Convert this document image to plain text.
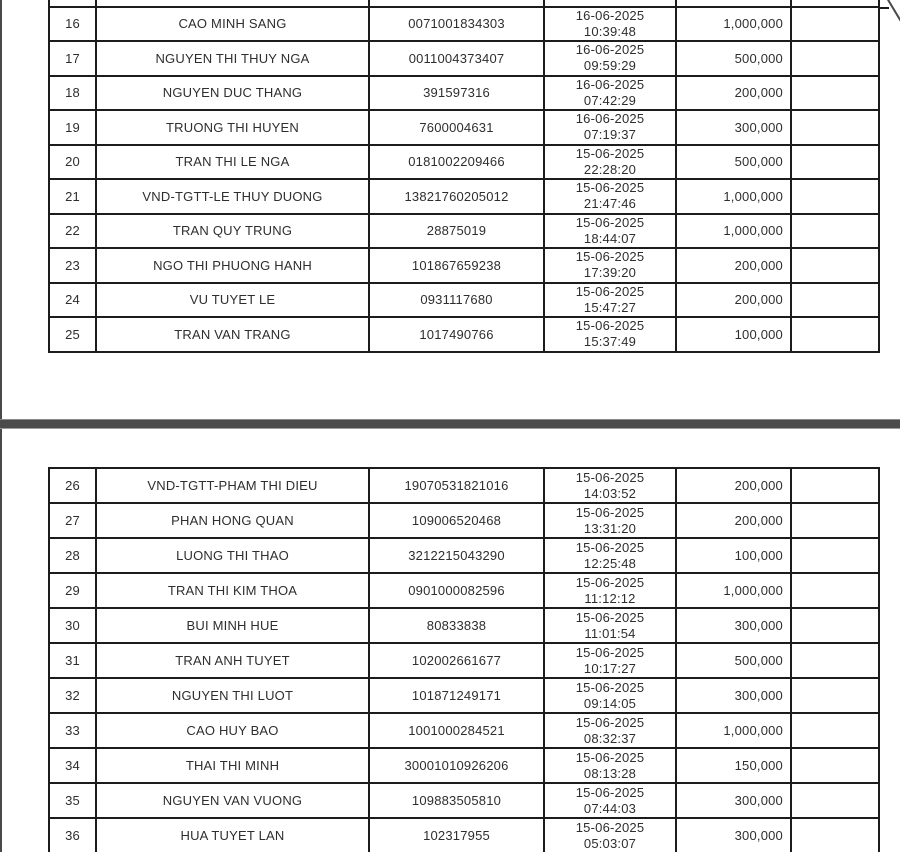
16	CAO MINH SANG	0071001834303	16-06-2025
10:39:48	1,000,000	
17	NGUYEN THI THUY NGA	0011004373407	16-06-2025
09:59:29	500,000	
18	NGUYEN DUC THANG	391597316	16-06-2025
07:42:29	200,000	
19	TRUONG THI HUYEN	7600004631	16-06-2025
07:19:37	300,000	
20	TRAN THI LE NGA	0181002209466	15-06-2025
22:28:20	500,000	
21	VND-TGTT-LE THUY DUONG	13821760205012	15-06-2025
21:47:46	1,000,000	
22	TRAN QUY TRUNG	28875019	15-06-2025
18:44:07	1,000,000	
23	NGO THI PHUONG HANH	101867659238	15-06-2025
17:39:20	200,000	
24	VU TUYET LE	0931117680	15-06-2025
15:47:27	200,000	
25	TRAN VAN TRANG	1017490766	15-06-2025
15:37:49	100,000	
26	VND-TGTT-PHAM THI DIEU	19070531821016	15-06-2025
14:03:52	200,000	
27	PHAN HONG QUAN	109006520468	15-06-2025
13:31:20	200,000	
28	LUONG THI THAO	3212215043290	15-06-2025
12:25:48	100,000	
29	TRAN THI KIM THOA	0901000082596	15-06-2025
11:12:12	1,000,000	
30	BUI MINH HUE	80833838	15-06-2025
11:01:54	300,000	
31	TRAN ANH TUYET	102002661677	15-06-2025
10:17:27	500,000	
32	NGUYEN THI LUOT	101871249171	15-06-2025
09:14:05	300,000	
33	CAO HUY BAO	1001000284521	15-06-2025
08:32:37	1,000,000	
34	THAI THI MINH	30001010926206	15-06-2025
08:13:28	150,000	
35	NGUYEN VAN VUONG	109883505810	15-06-2025
07:44:03	300,000	
36	HUA TUYET LAN	102317955	15-06-2025
05:03:07	300,000	
